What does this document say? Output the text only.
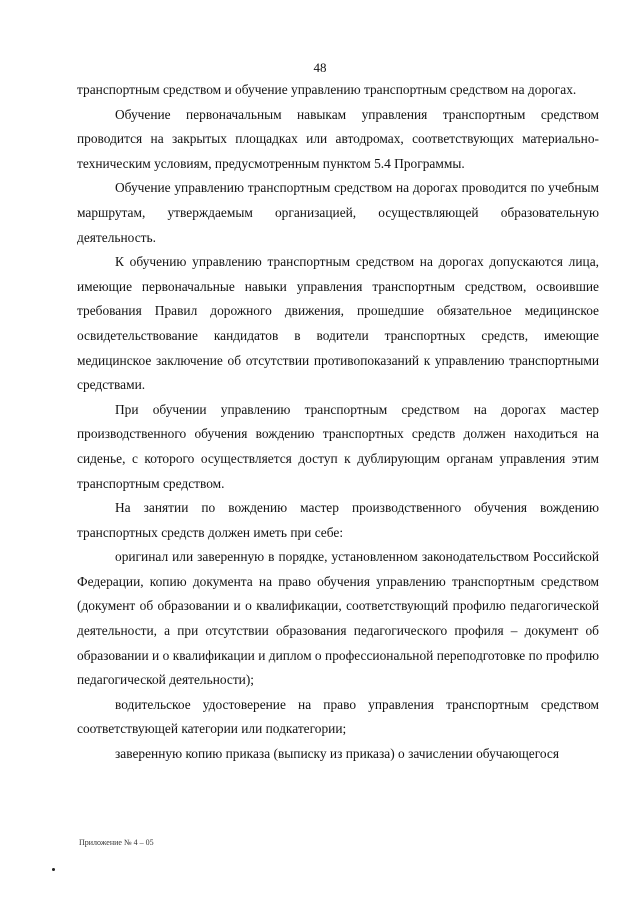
48

транспортным средством и обучение управлению транспортным средством на дорогах.

Обучение первоначальным навыкам управления транспортным средством проводится на закрытых площадках или автодромах, соответствующих материально-техническим условиям, предусмотренным пунктом 5.4 Программы.

Обучение управлению транспортным средством на дорогах проводится по учебным маршрутам, утверждаемым организацией, осуществляющей образовательную деятельность.

К обучению управлению транспортным средством на дорогах допускаются лица, имеющие первоначальные навыки управления транспортным средством, освоившие требования Правил дорожного движения, прошедшие обязательное медицинское освидетельствование кандидатов в водители транспортных средств, имеющие медицинское заключение об отсутствии противопоказаний к управлению транспортными средствами.

При обучении управлению транспортным средством на дорогах мастер производственного обучения вождению транспортных средств должен находиться на сиденье, с которого осуществляется доступ к дублирующим органам управления этим транспортным средством.

На занятии по вождению мастер производственного обучения вождению транспортных средств должен иметь при себе:

оригинал или заверенную в порядке, установленном законодательством Российской Федерации, копию документа на право обучения управлению транспортным средством (документ об образовании и о квалификации, соответствующий профилю педагогической деятельности, а при отсутствии образования педагогического профиля – документ об образовании и о квалификации и диплом о профессиональной переподготовке по профилю педагогической деятельности);

водительское удостоверение на право управления транспортным средством соответствующей категории или подкатегории;

заверенную копию приказа (выписку из приказа) о зачислении обучающегося

Приложение № 4 – 05
